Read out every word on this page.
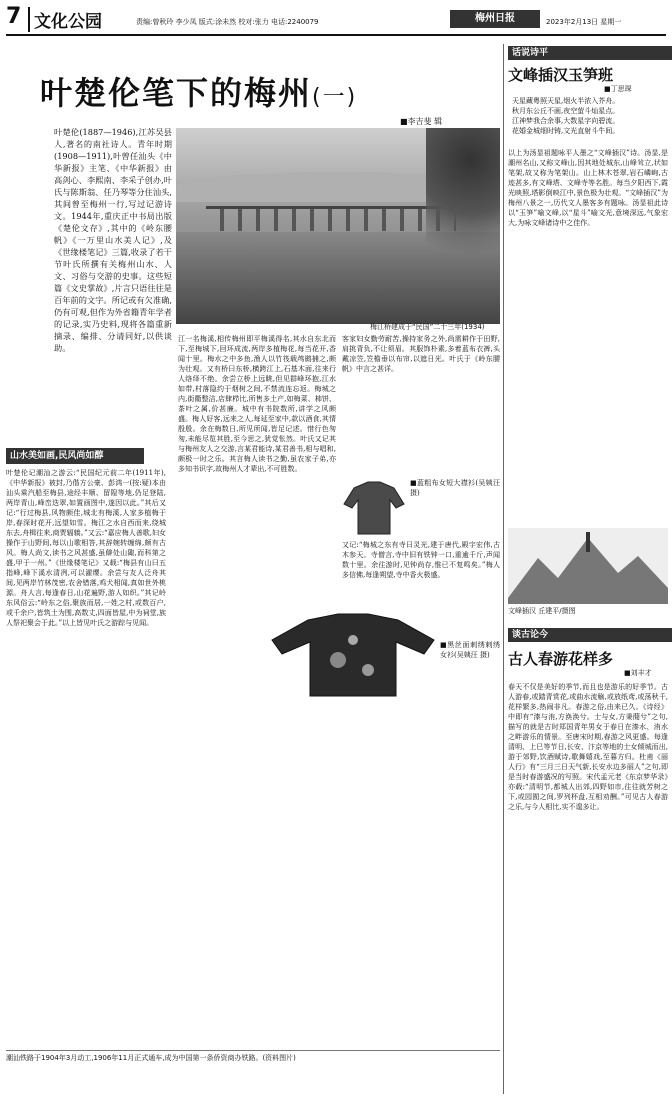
7 文化公园	责编:曾秋玲 李少凤 版式:涂未然 校对:张力 电话:2240079	梅州日报	2023年2月13日 星期一
叶楚伦笔下的梅州(一)
■李吉斐 辑
叶楚伦(1887—1946),江苏吴县人,著名的南社诗人。青年时期(1908—1911),叶曾任汕头《中华新报》主笔、《中华新报》由高剑心、李熙南、李采子创办,叶氏与陈斯翁、任乃琴等分住汕头,其间曾至梅州一行,写过记游诗文。1944年,重庆正中书局出版《楚伦文存》,其中的《岭东腰帆》《一万里山水美人记》,及《世缘楼笔记》三篇,收录了若干节叶氏所撰有关梅州山水、人文、习俗与交游的史事。这些短篇《文史掌故》,片言只语往往是百年前的文字。所记或有欠准确,仍有可观,但作为外省籍青年学者的记录,实乃史料,现将各篇重新摘录、编排、分请同好,以供谈助。
梅江桥建成于“民国”二十三年(1934)
山水美如画,民风尚如醇
叶楚伦记潮汕之游云:“民国纪元前二年(1911年),《中华新报》被封,乃偕方公豪、彭鸿一(按:疑)本由汕头乘汽船至梅县,途经丰顺、留隍等地,仍足登陆,两岸青山,峰峦迭翠,如置画图中,遂因以此。”其后又记:“行过梅县,风物颇佳,城北有梅溪,人家多植梅于岸,春深时花开,远望如雪。梅江之水自西而来,绕城东去,舟楫往来,商贾辐辏。”又云:“嘉应梅人善歌,妇女操作于山野间,每以山歌相答,其辞婉转缠绵,颇有古风。梅人尚文,读书之风甚盛,虽僻处山陬,而科第之盛,甲于一州。”《世缘楼笔记》又载:“梅县有山曰五指峰,峰下溪水清冽,可以濯缨。余尝与友人泛舟其间,见两岸竹林茂密,农舍错落,鸡犬相闻,真如世外桃源。舟人言,每逢春日,山花遍野,游人如织。”其记岭东风俗云:“岭东之俗,聚族而居,一姓之村,或数百户,或千余户,皆筑土为围,高数丈,四面皆屋,中为祠堂,族人祭祀聚会于此。”以上皆见叶氏之游踪与见闻。
江一名梅溪,相传梅州即平梅溪得名,其水自东北而下,至梅城下,回环成流,两岸多植梅花,每当花开,香闻十里。梅水之中多鱼,渔人以竹筏载鸬鹚捕之,颇为壮观。又有桥曰东桥,横跨江上,石基木面,往来行人络绎不绝。余尝立桥上远眺,但见群峰环抱,江水如带,村落隐约于烟树之间,不禁流连忘返。梅城之内,街衢整洁,店肆栉比,所售多土产,如梅菜、柿饼、茶叶之属,价甚廉。城中有书院数所,讲学之风颇盛。梅人好客,远来之人,每延至家中,款以酒食,其情殷殷。余在梅数日,所见所闻,皆足记述。惜行色匆匆,未能尽览其胜,至今思之,犹觉怅然。叶氏又记其与梅州友人之交游,言某君能诗,某君善书,相与唱和,颇极一时之乐。其言梅人读书之勤,虽农家子弟,亦多知书识字,故梅州人才辈出,不可胜数。
客家妇女勤劳耐苦,操持家务之外,尚需耕作于田野,肩挑背负,不让须眉。其服饰朴素,多着蓝布衣裤,头戴凉笠,笠檐垂以布帘,以遮日光。叶氏于《岭东腰帆》中言之甚详。
■蓝粗布女短大襟衫(吴姨汪 摄)
又记:“梅城之东有寺曰灵光,建于唐代,殿宇宏伟,古木参天。寺僧言,寺中旧有铁钟一口,重逾千斤,声闻数十里。余往游时,见钟尚存,惟已不复鸣矣。”梅人多信佛,每逢朔望,寺中香火极盛。
■黑丝面刺绣刺绣女衫(吴姨汪 摄)
潮汕铁路于1904年3月动工,1906年11月正式通车,成为中国第一条侨资商办铁路。(资料图片)
话说诗平
文峰插汉玉笋班
■丁思琛
天星藏粤照天星,烟火半浓入芥舟。
秋月东公丘不画,夜空萤斗灿星点。
江神梦我合余事,大数星字向碧流。
花婚金城细时铸,文光直射斗牛间。
以上为汤显祖题咏平人墨之“文峰插汉”诗。汤显,是潮州名山,又称文峰山,因其地处城东,山峰耸立,状如笔架,故又称为笔架山。山上林木苍翠,岩石嶙峋,古迹甚多,有文峰塔、文峰寺等名胜。每当夕阳西下,霞光映照,塔影倒映江中,景色极为壮观。“文峰插汉”为梅州八景之一,历代文人墨客多有题咏。汤显祖此诗以“玉笋”喻文峰,以“星斗”喻文光,意境深远,气象宏大,为咏文峰诸诗中之佳作。
文峰插汉 丘建平/摄图
谈古论今
古人春游花样多
■刘丰才
春天不仅是美好的季节,而且也是游乐的好季节。古人游春,或踏青赏花,或曲水流觞,或放纸鸢,或荡秋千,花样繁多,热闹非凡。春游之俗,由来已久。《诗经》中即有“溱与洧,方涣涣兮。士与女,方秉蕑兮”之句,描写的就是古时郑国青年男女于春日在溱水、洧水之畔游乐的情景。至唐宋时期,春游之风更盛。每逢清明、上巳等节日,长安、汴京等地的士女倾城而出,游于郊野,饮酒赋诗,歌舞嬉戏,至暮方归。杜甫《丽人行》有“三月三日天气新,长安水边多丽人”之句,即是当时春游盛况的写照。宋代孟元老《东京梦华录》亦载:“清明节,都城人出郊,四野如市,往往就芳树之下,或园囿之间,罗列杯盘,互相劝酬。”可见古人春游之乐,与今人相比,实不遑多让。
